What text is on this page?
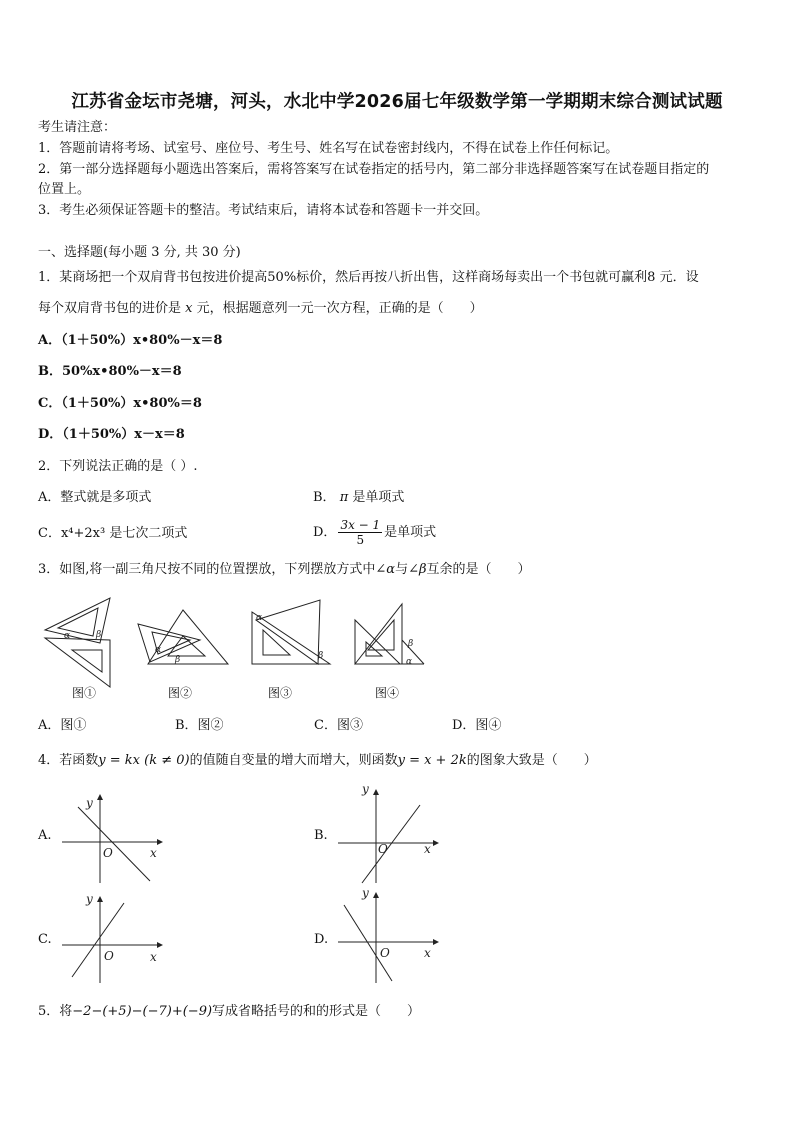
江苏省金坛市尧塘，河头，水北中学2026届七年级数学第一学期期末综合测试试题
考生请注意：
1．答题前请将考场、试室号、座位号、考生号、姓名写在试卷密封线内，不得在试卷上作任何标记。
2．第一部分选择题每小题选出答案后，需将答案写在试卷指定的括号内，第二部分非选择题答案写在试卷题目指定的
位置上。
3．考生必须保证答题卡的整洁。考试结束后，请将本试卷和答题卡一并交回。
一、选择题(每小题 3 分, 共 30 分)
1．某商场把一个双肩背书包按进价提高50%标价，然后再按八折出售，这样商场每卖出一个书包就可赢利8 元．设
每个双肩背书包的进价是 x 元，根据题意列一元一次方程，正确的是（　　）
A．（1＋50%）x•80%－x＝8
B．50%x•80%－x＝8
C．（1＋50%）x•80%＝8
D．（1＋50%）x－x＝8
2．下列说法正确的是（ ）.
A．整式就是多项式	B． π 是单项式
C．x⁴+2x³ 是七次二项式	D． $\frac{3x - 1}{5}$ 是单项式
3．如图,将一副三角尺按不同的位置摆放，下列摆放方式中∠α与∠β互余的是（　　）
α	β
α
β
α
β
α
β
图①	图②	图③	图④
A．图①	B．图②	C．图③	D．图④
4．若函数y = kx (k ≠ 0)的值随自变量的增大而增大，则函数y = x + 2k的图象大致是（　　）
A.	B.
C.	D.
y
x
O
y
x
O
y
x
O
y
x
O
5．将−2−(+5)−(−7)+(−9)写成省略括号的和的形式是（　　）
